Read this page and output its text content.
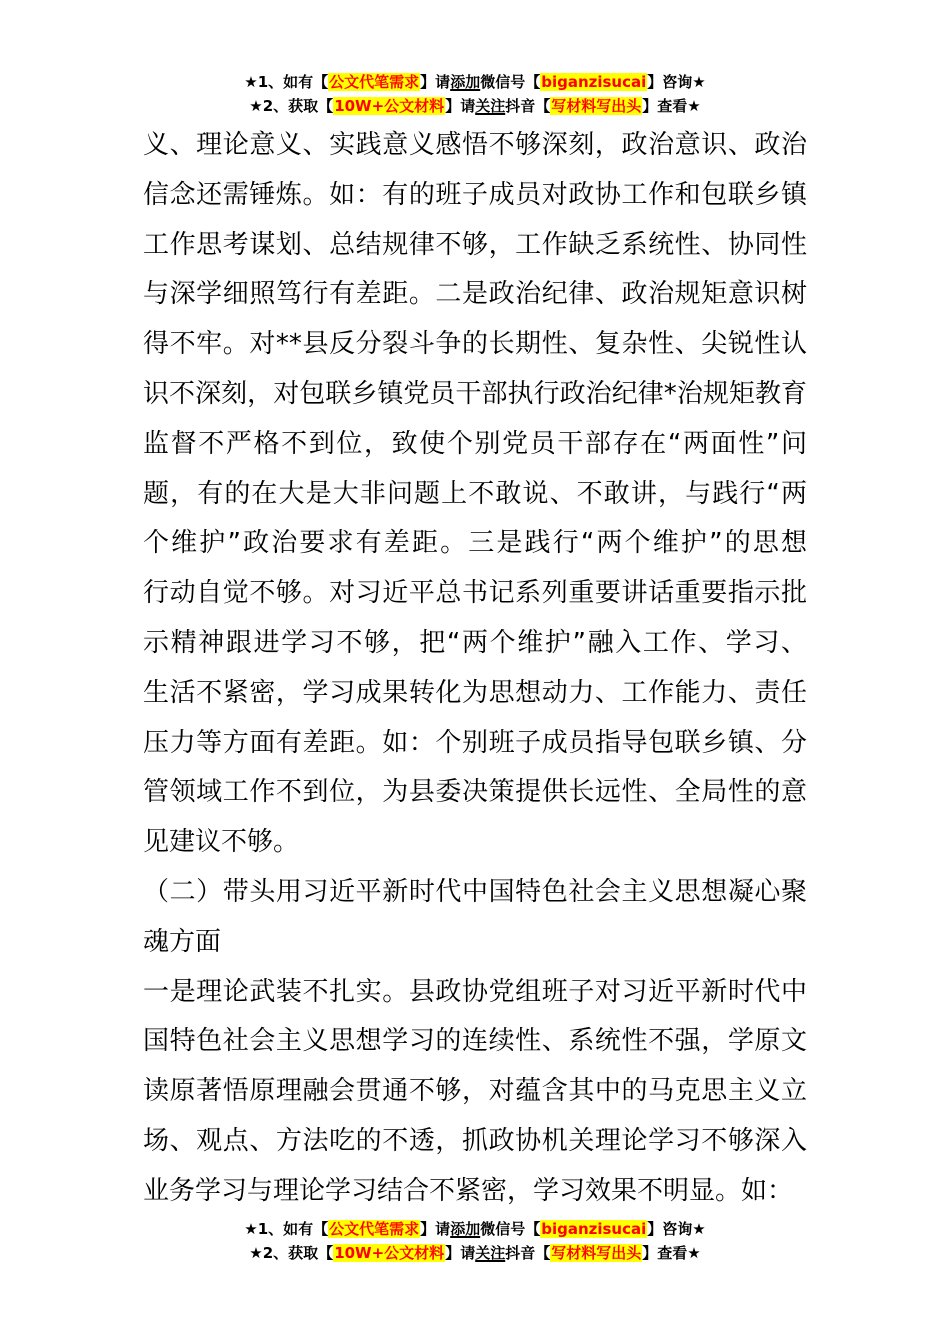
★1、如有【公文代笔需求】请添加微信号【biganzisucai】咨询★
★2、获取【10W+公文材料】请关注抖音【写材料写出头】查看★
义、理论意义、实践意义感悟不够深刻，政治意识、政治
信念还需锤炼。如：有的班子成员对政协工作和包联乡镇
工作思考谋划、总结规律不够，工作缺乏系统性、协同性
与深学细照笃行有差距。二是政治纪律、政治规矩意识树
得不牢。对**县反分裂斗争的长期性、复杂性、尖锐性认
识不深刻，对包联乡镇党员干部执行政治纪律*治规矩教育
监督不严格不到位，致使个别党员干部存在“两面性”问
题，有的在大是大非问题上不敢说、不敢讲，与践行“两
个维护”政治要求有差距。三是践行“两个维护”的思想
行动自觉不够。对习近平总书记系列重要讲话重要指示批
示精神跟进学习不够，把“两个维护”融入工作、学习、
生活不紧密，学习成果转化为思想动力、工作能力、责任
压力等方面有差距。如：个别班子成员指导包联乡镇、分
管领域工作不到位，为县委决策提供长远性、全局性的意
见建议不够。
（二）带头用习近平新时代中国特色社会主义思想凝心聚
魂方面
一是理论武装不扎实。县政协党组班子对习近平新时代中
国特色社会主义思想学习的连续性、系统性不强，学原文
读原著悟原理融会贯通不够，对蕴含其中的马克思主义立
场、观点、方法吃的不透，抓政协机关理论学习不够深入
业务学习与理论学习结合不紧密，学习效果不明显。如：
★1、如有【公文代笔需求】请添加微信号【biganzisucai】咨询★
★2、获取【10W+公文材料】请关注抖音【写材料写出头】查看★
